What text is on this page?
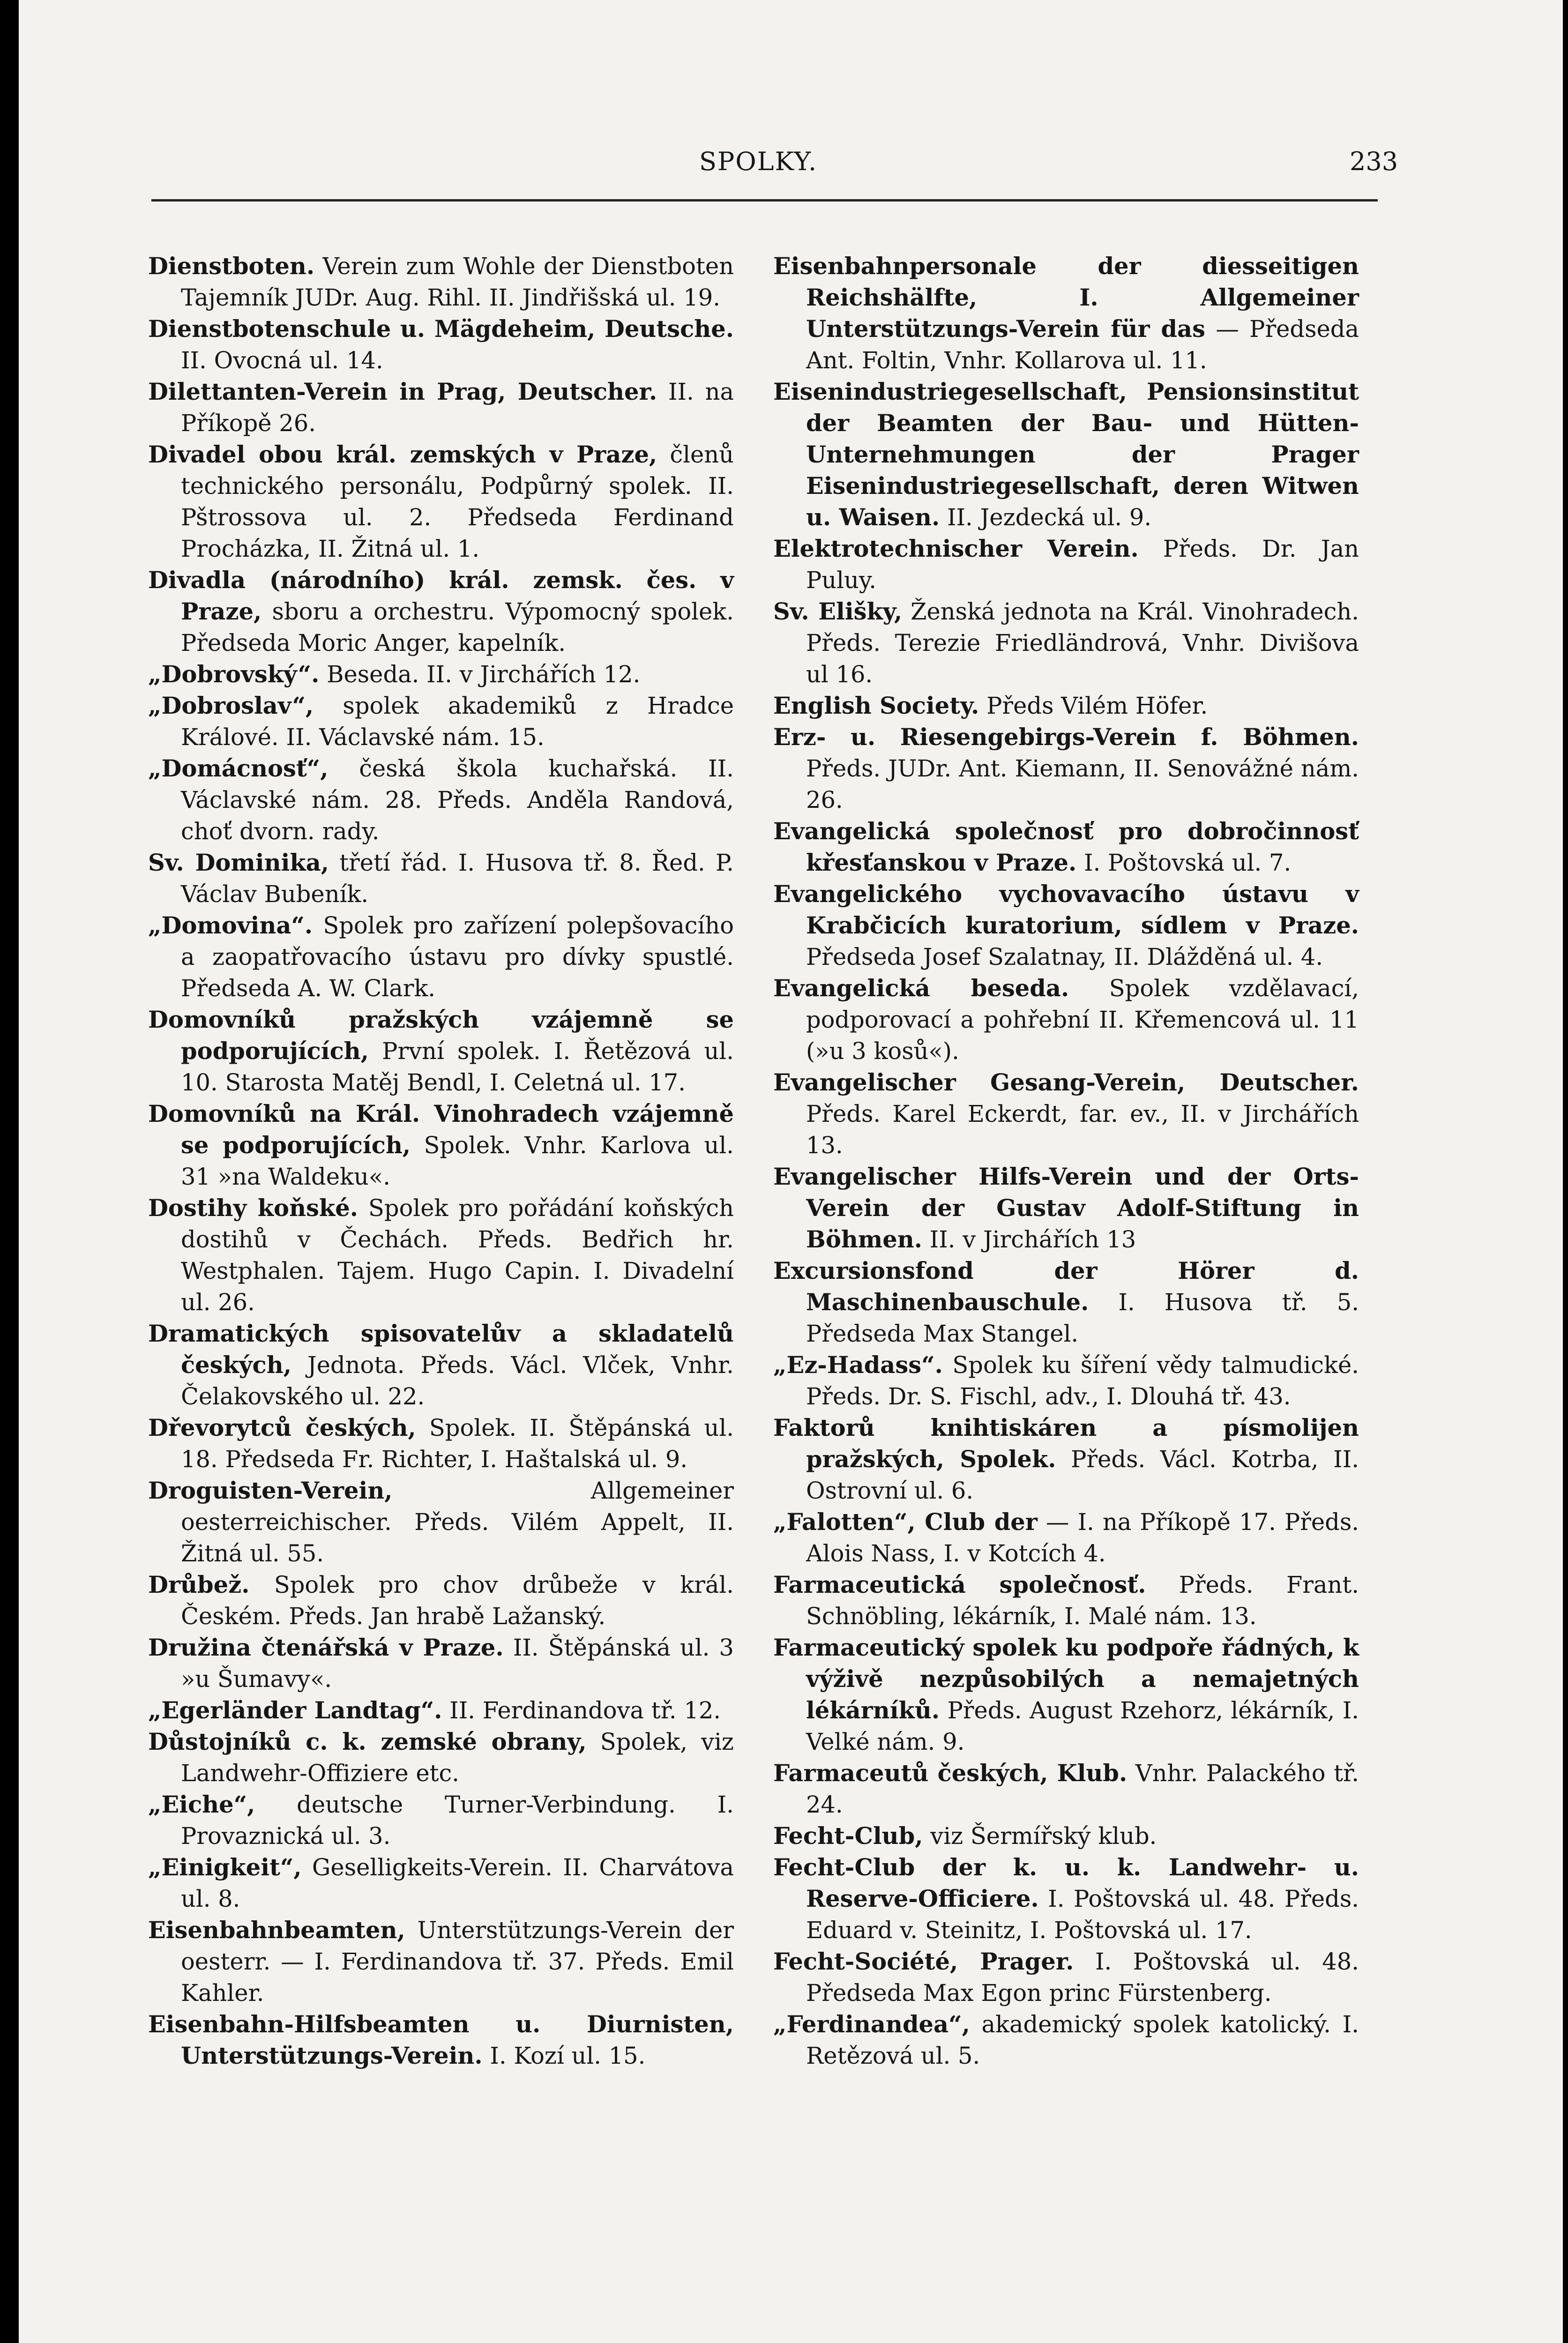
SPOLKY.	233

Dienstboten. Verein zum Wohle der Dienstboten Tajemník JUDr. Aug. Rihl. II. Jindřišská ul. 19.

Dienstbotenschule u. Mägdeheim, Deutsche. II. Ovocná ul. 14.

Dilettanten-Verein in Prag, Deutscher. II. na Příkopě 26.

Divadel obou král. zemských v Praze, členů technického personálu, Podpůrný spolek. II. Pštrossova ul. 2. Předseda Ferdinand Procházka, II. Žitná ul. 1.

Divadla (národního) král. zemsk. čes. v Praze, sboru a orchestru. Výpomocný spolek. Předseda Moric Anger, kapelník.

„Dobrovský“. Beseda. II. v Jirchářích 12.

„Dobroslav“, spolek akademiků z Hradce Králové. II. Václavské nám. 15.

„Domácnosť“, česká škola kuchařská. II. Václavské nám. 28. Předs. Anděla Randová, choť dvorn. rady.

Sv. Dominika, třetí řád. I. Husova tř. 8. Řed. P. Václav Bubeník.

„Domovina“. Spolek pro zařízení polepšovacího a zaopatřovacího ústavu pro dívky spustlé. Předseda A. W. Clark.

Domovníků pražských vzájemně se podporujících, První spolek. I. Řetězová ul. 10. Starosta Matěj Bendl, I. Celetná ul. 17.

Domovníků na Král. Vinohradech vzájemně se podporujících, Spolek. Vnhr. Karlova ul. 31 »na Waldeku«.

Dostihy koňské. Spolek pro pořádání koňských dostihů v Čechách. Předs. Bedřich hr. Westphalen. Tajem. Hugo Capin. I. Divadelní ul. 26.

Dramatických spisovatelův a skladatelů českých, Jednota. Předs. Václ. Vlček, Vnhr. Čelakovského ul. 22.

Dřevorytců českých, Spolek. II. Štěpánská ul. 18. Předseda Fr. Richter, I. Haštalská ul. 9.

Droguisten-Verein, Allgemeiner oesterreichischer. Předs. Vilém Appelt, II. Žitná ul. 55.

Drůbež. Spolek pro chov drůbeže v král. Českém. Předs. Jan hrabě Lažanský.

Družina čtenářská v Praze. II. Štěpánská ul. 3 »u Šumavy«.

„Egerländer Landtag“. II. Ferdinandova tř. 12.

Důstojníků c. k. zemské obrany, Spolek, viz Landwehr-Offiziere etc.

„Eiche“, deutsche Turner-Verbindung. I. Provaznická ul. 3.

„Einigkeit“, Geselligkeits-Verein. II. Charvátova ul. 8.

Eisenbahnbeamten, Unterstützungs-Verein der oesterr. — I. Ferdinandova tř. 37. Předs. Emil Kahler.

Eisenbahn-Hilfsbeamten u. Diurnisten, Unterstützungs-Verein. I. Kozí ul. 15.

Eisenbahnpersonale der diesseitigen Reichshälfte, I. Allgemeiner Unterstützungs-Verein für das — Předseda Ant. Foltin, Vnhr. Kollarova ul. 11.

Eisenindustriegesellschaft, Pensionsinstitut der Beamten der Bau- und Hütten-Unternehmungen der Prager Eisenindustriegesellschaft, deren Witwen u. Waisen. II. Jezdecká ul. 9.

Elektrotechnischer Verein. Předs. Dr. Jan Puluy.

Sv. Elišky, Ženská jednota na Král. Vinohradech. Předs. Terezie Friedländrová, Vnhr. Divišova ul 16.

English Society. Předs Vilém Höfer.

Erz- u. Riesengebirgs-Verein f. Böhmen. Předs. JUDr. Ant. Kiemann, II. Senovážné nám. 26.

Evangelická společnosť pro dobročinnosť křesťanskou v Praze. I. Poštovská ul. 7.

Evangelického vychovavacího ústavu v Krabčicích kuratorium, sídlem v Praze. Předseda Josef Szalatnay, II. Dlážděná ul. 4.

Evangelická beseda. Spolek vzdělavací, podporovací a pohřební II. Křemencová ul. 11 (»u 3 kosů«).

Evangelischer Gesang-Verein, Deutscher. Předs. Karel Eckerdt, far. ev., II. v Jirchářích 13.

Evangelischer Hilfs-Verein und der Orts-Verein der Gustav Adolf-Stiftung in Böhmen. II. v Jirchářích 13

Excursionsfond der Hörer d. Maschinenbauschule. I. Husova tř. 5. Předseda Max Stangel.

„Ez-Hadass“. Spolek ku šíření vědy talmudické. Předs. Dr. S. Fischl, adv., I. Dlouhá tř. 43.

Faktorů knihtiskáren a písmolijen pražských, Spolek. Předs. Václ. Kotrba, II. Ostrovní ul. 6.

„Falotten“, Club der — I. na Příkopě 17. Předs. Alois Nass, I. v Kotcích 4.

Farmaceutická společnosť. Předs. Frant. Schnöbling, lékárník, I. Malé nám. 13.

Farmaceutický spolek ku podpoře řádných, k výživě nezpůsobilých a nemajetných lékárníků. Předs. August Rzehorz, lékárník, I. Velké nám. 9.

Farmaceutů českých, Klub. Vnhr. Palackého tř. 24.

Fecht-Club, viz Šermířský klub.

Fecht-Club der k. u. k. Landwehr- u. Reserve-Officiere. I. Poštovská ul. 48. Předs. Eduard v. Steinitz, I. Poštovská ul. 17.

Fecht-Société, Prager. I. Poštovská ul. 48. Předseda Max Egon princ Fürstenberg.

„Ferdinandea“, akademický spolek katolický. I. Retězová ul. 5.
